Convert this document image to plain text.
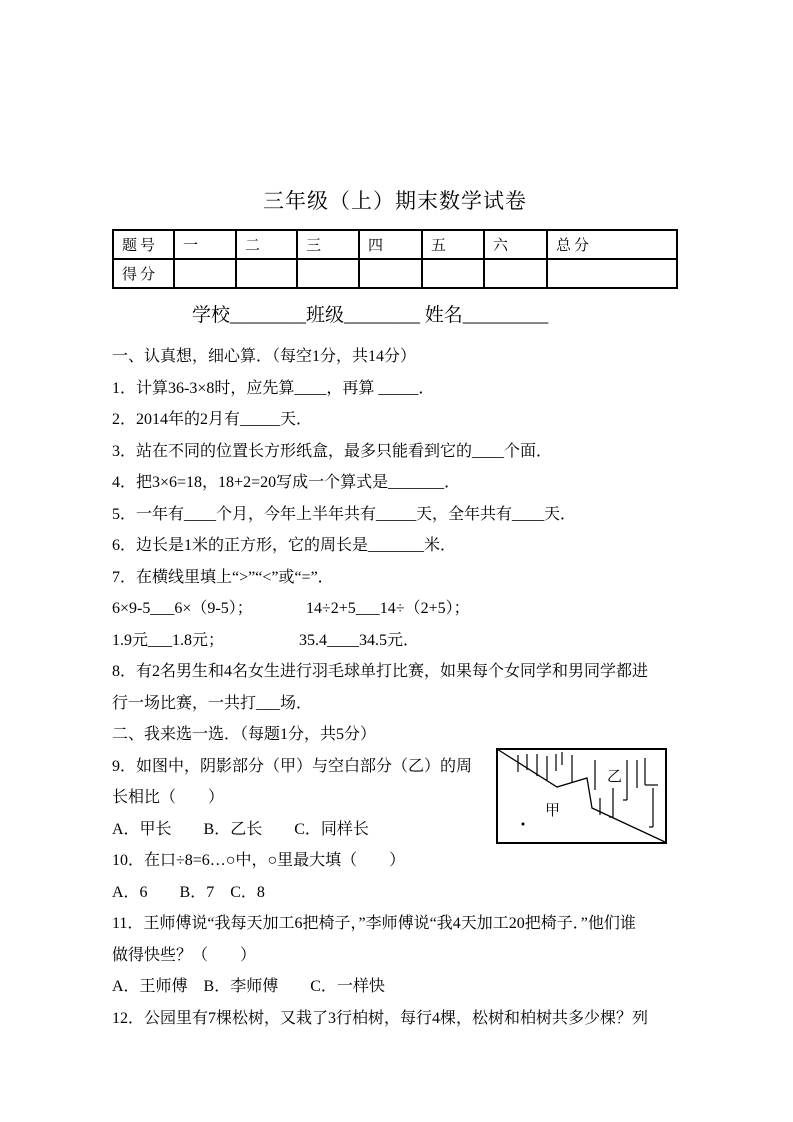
三年级（上）期末数学试卷
题号	一	二	三	四	五	六	总分
得分							
学校________班级________ 姓名_________

一、认真想，细心算．（每空1分，共14分）

1．计算36-3×8时，应先算____，再算 _____．

2．2014年的2月有_____天．

3．站在不同的位置长方形纸盒，最多只能看到它的____个面．

4．把3×6=18，18+2=20写成一个算式是_______．

5．一年有____个月，今年上半年共有_____天，全年共有____天．

6．边长是1米的正方形，它的周长是_______米．

7．在横线里填上“>”“<”或“=”．

6×9-5___6×（9-5）；	14÷2+5___14÷（2+5）；

1.9元___1.8元；	35.4____34.5元．

8．有2名男生和4名女生进行羽毛球单打比赛，如果每个女同学和男同学都进

行一场比赛，一共打___场．

二、我来选一选．（每题1分，共5分）

9．如图中，阴影部分（甲）与空白部分（乙）的周

长相比（　　）

A．甲长　　B．乙长　　C．同样长

10．在口÷8=6…○中，○里最大填（　　）

A．6　　B．7　C．8

11．王师傅说“我每天加工6把椅子，”李师傅说“我4天加工20把椅子．”他们谁

做得快些？（　　）

A．王师傅　B．李师傅　　C．一样快

12．公园里有7棵松树，又栽了3行柏树，每行4棵，松树和柏树共多少棵？列

乙
甲
